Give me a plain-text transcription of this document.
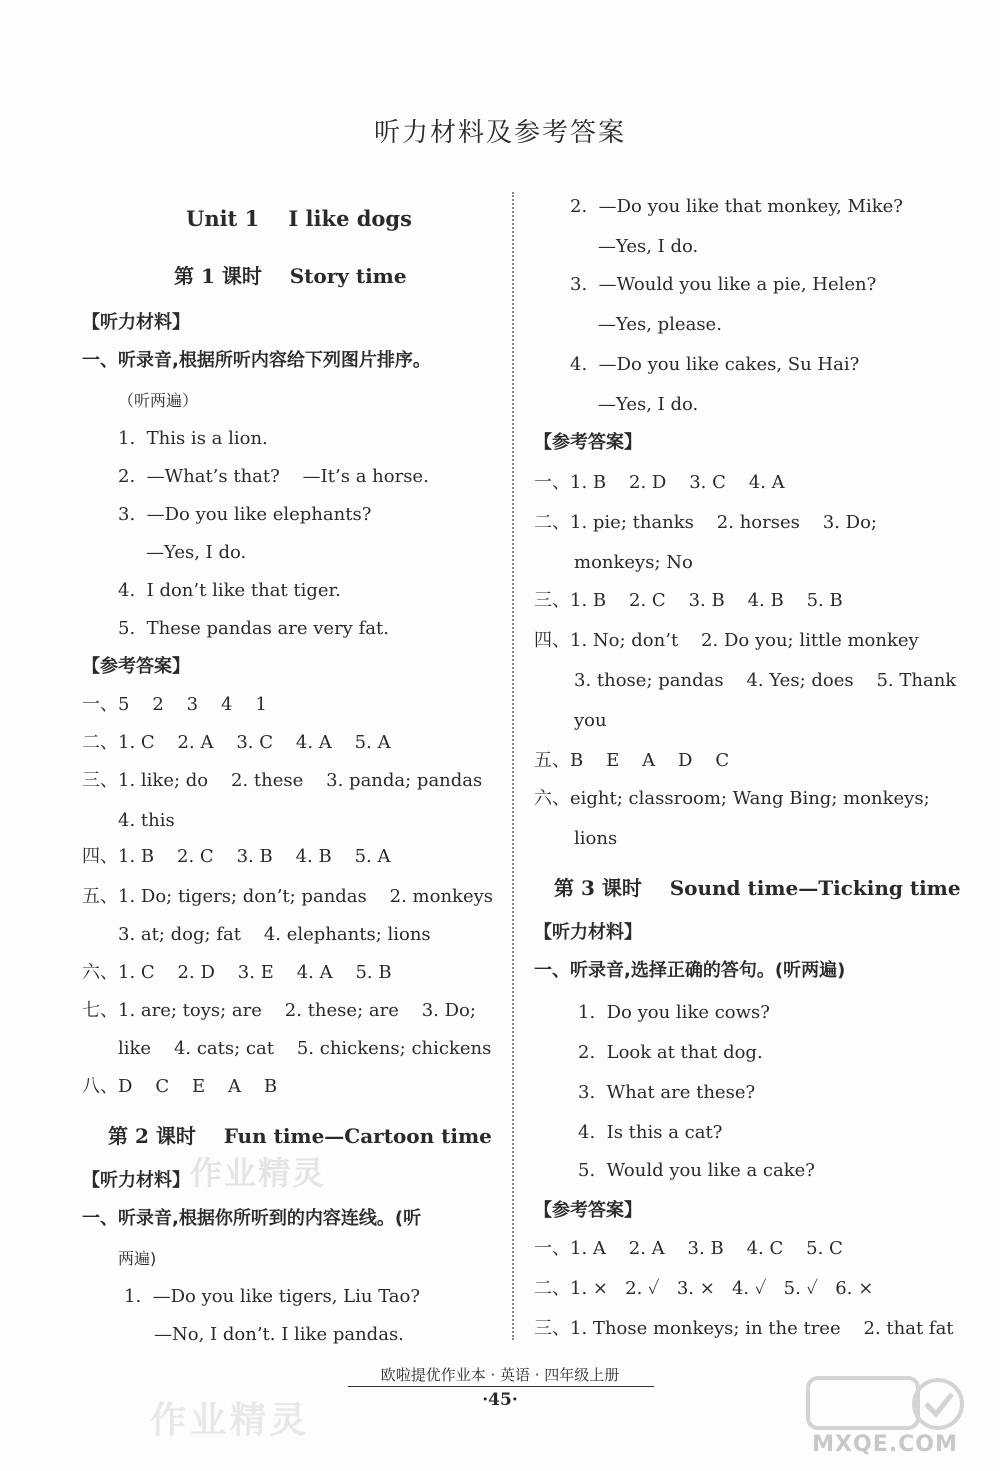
听力材料及参考答案
作业精灵
Unit 1    I like dogs
第 1 课时    Story time
【听力材料】
一、听录音,根据所听内容给下列图片排序。
（听两遍）
1.  This is a lion.
2.  —What’s that?    —It’s a horse.
3.  —Do you like elephants?
—Yes, I do.
4.  I don’t like that tiger.
5.  These pandas are very fat.
【参考答案】
一、5    2    3    4    1
二、1. C    2. A    3. C    4. A    5. A
三、1. like; do    2. these    3. panda; pandas
4. this
四、1. B    2. C    3. B    4. B    5. A
五、1. Do; tigers; don’t; pandas    2. monkeys
3. at; dog; fat    4. elephants; lions
六、1. C    2. D    3. E    4. A    5. B
七、1. are; toys; are    2. these; are    3. Do;
like    4. cats; cat    5. chickens; chickens
八、D    C    E    A    B
第 2 课时    Fun time—Cartoon time
【听力材料】
一、听录音,根据你所听到的内容连线。(听
两遍)
1.  —Do you like tigers, Liu Tao?
—No, I don’t. I like pandas.
2.  —Do you like that monkey, Mike?
—Yes, I do.
3.  —Would you like a pie, Helen?
—Yes, please.
4.  —Do you like cakes, Su Hai?
—Yes, I do.
【参考答案】
一、1. B    2. D    3. C    4. A
二、1. pie; thanks    2. horses    3. Do;
monkeys; No
三、1. B    2. C    3. B    4. B    5. B
四、1. No; don’t    2. Do you; little monkey
3. those; pandas    4. Yes; does    5. Thank
you
五、B    E    A    D    C
六、eight; classroom; Wang Bing; monkeys;
lions
第 3 课时    Sound time—Ticking time
【听力材料】
一、听录音,选择正确的答句。(听两遍)
1.  Do you like cows?
2.  Look at that dog.
3.  What are these?
4.  Is this a cat?
5.  Would you like a cake?
【参考答案】
一、1. A    2. A    3. B    4. C    5. C
二、1. ×   2. ✓   3. ×   4. ✓   5. ✓   6. ×
三、1. Those monkeys; in the tree    2. that fat
欧啦提优作业本 · 英语 · 四年级上册
·45·
作业精灵
MXQE.COM
